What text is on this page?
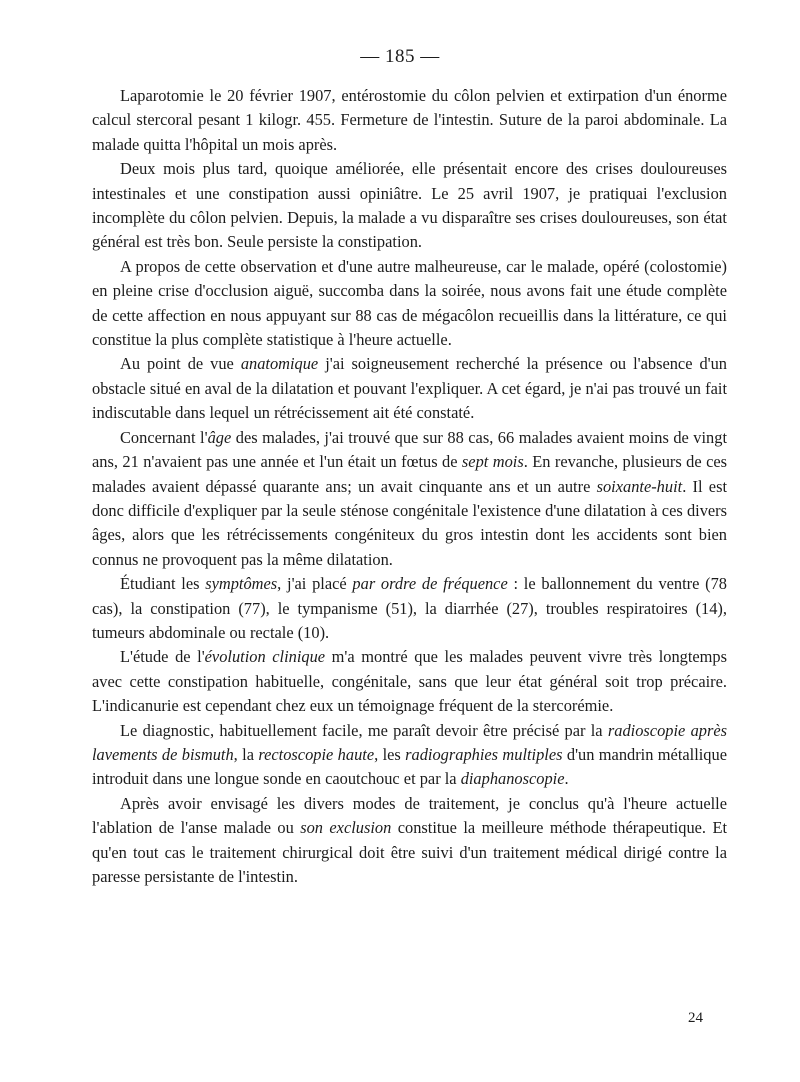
— 185 —

Laparotomie le 20 février 1907, entérostomie du côlon pelvien et extirpation d'un énorme calcul stercoral pesant 1 kilogr. 455. Fermeture de l'intestin. Suture de la paroi abdominale. La malade quitta l'hôpital un mois après.

Deux mois plus tard, quoique améliorée, elle présentait encore des crises douloureuses intestinales et une constipation aussi opiniâtre. Le 25 avril 1907, je pratiquai l'exclusion incomplète du côlon pelvien. Depuis, la malade a vu disparaître ses crises douloureuses, son état général est très bon. Seule persiste la constipation.

A propos de cette observation et d'une autre malheureuse, car le malade, opéré (colostomie) en pleine crise d'occlusion aiguë, succomba dans la soirée, nous avons fait une étude complète de cette affection en nous appuyant sur 88 cas de mégacôlon recueillis dans la littérature, ce qui constitue la plus complète statistique à l'heure actuelle.

Au point de vue anatomique j'ai soigneusement recherché la présence ou l'absence d'un obstacle situé en aval de la dilatation et pouvant l'expliquer. A cet égard, je n'ai pas trouvé un fait indiscutable dans lequel un rétrécissement ait été constaté.

Concernant l'âge des malades, j'ai trouvé que sur 88 cas, 66 malades avaient moins de vingt ans, 21 n'avaient pas une année et l'un était un fœtus de sept mois. En revanche, plusieurs de ces malades avaient dépassé quarante ans; un avait cinquante ans et un autre soixante-huit. Il est donc difficile d'expliquer par la seule sténose congénitale l'existence d'une dilatation à ces divers âges, alors que les rétrécissements congéniteux du gros intestin dont les accidents sont bien connus ne provoquent pas la même dilatation.

Étudiant les symptômes, j'ai placé par ordre de fréquence : le ballonnement du ventre (78 cas), la constipation (77), le tympanisme (51), la diarrhée (27), troubles respiratoires (14), tumeurs abdominale ou rectale (10).

L'étude de l'évolution clinique m'a montré que les malades peuvent vivre très longtemps avec cette constipation habituelle, congénitale, sans que leur état général soit trop précaire. L'indicanurie est cependant chez eux un témoignage fréquent de la stercorémie.

Le diagnostic, habituellement facile, me paraît devoir être précisé par la radioscopie après lavements de bismuth, la rectoscopie haute, les radiographies multiples d'un mandrin métallique introduit dans une longue sonde en caoutchouc et par la diaphanoscopie.

Après avoir envisagé les divers modes de traitement, je conclus qu'à l'heure actuelle l'ablation de l'anse malade ou son exclusion constitue la meilleure méthode thérapeutique. Et qu'en tout cas le traitement chirurgical doit être suivi d'un traitement médical dirigé contre la paresse persistante de l'intestin.

24
